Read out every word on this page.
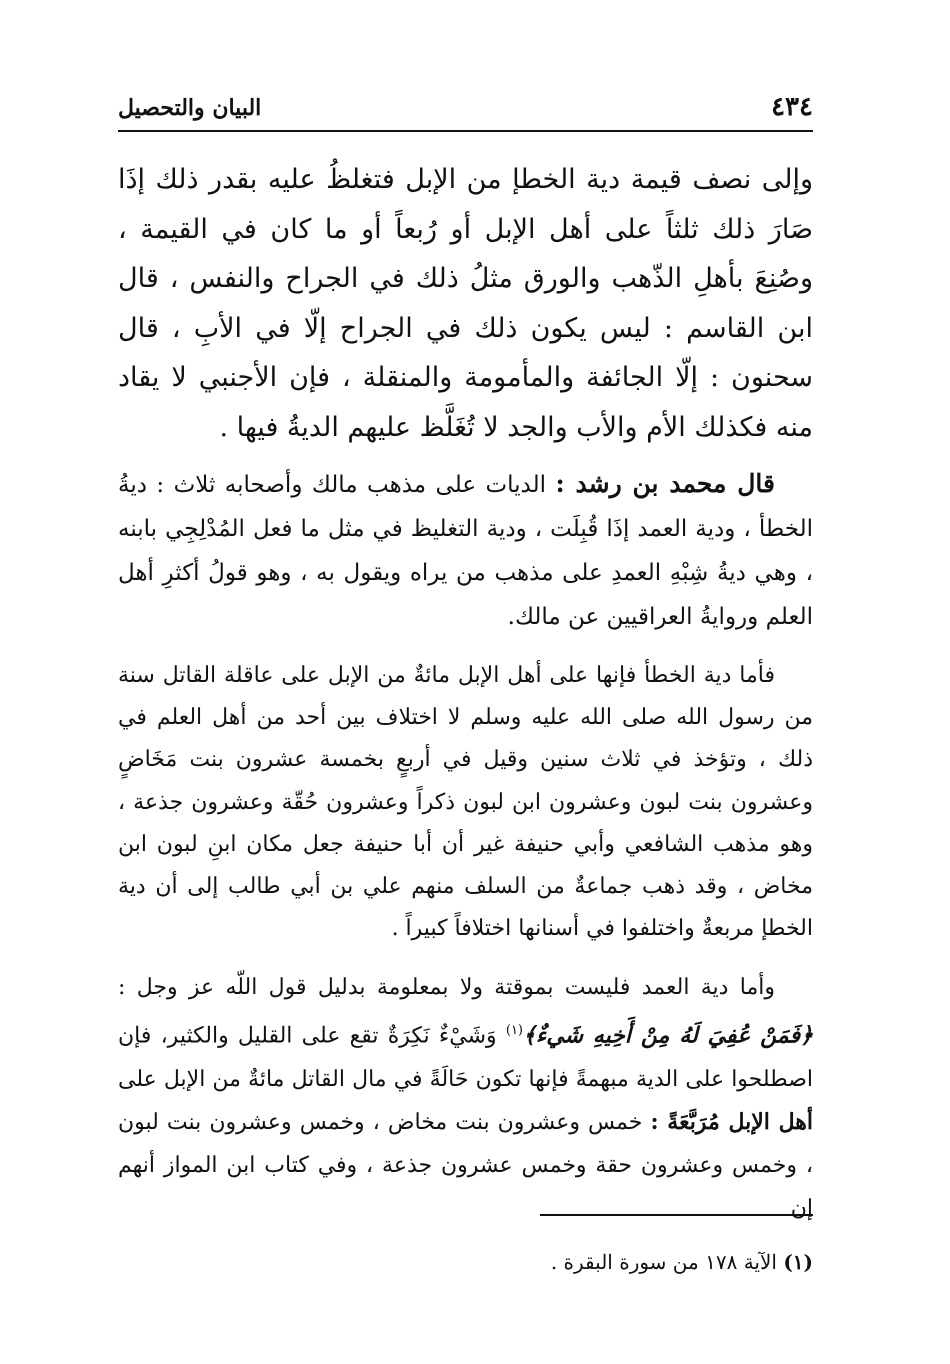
٤٣٤
البيان والتحصيل

وإلى نصف قيمة دية الخطإ من الإبل فتغلظُ عليه بقدر ذلك إذَا صَارَ ذلك ثلثاً على أهل الإبل أو رُبعاً أو ما كان في القيمة ، وصُنِعَ بأهلِ الذّهب والورق مثلُ ذلك في الجراح والنفس ، قال ابن القاسم : ليس يكون ذلك في الجراح إلّا في الأبِ ، قال سحنون : إلّا الجائفة والمأمومة والمنقلة ، فإن الأجنبي لا يقاد منه فكذلك الأم والأب والجد لا تُغَلَّظ عليهم الديةُ فيها .

قال محمد بن رشد : الديات على مذهب مالك وأصحابه ثلاث : ديةُ الخطأ ، ودية العمد إذَا قُبِلَت ، ودية التغليظ في مثل ما فعل المُدْلِجِي بابنه ، وهي ديةُ شِبْهِ العمدِ على مذهب من يراه ويقول به ، وهو قولُ أكثرِ أهل العلم وروايةُ العراقيين عن مالك.

فأما دية الخطأ فإنها على أهل الإبل مائةٌ من الإبل على عاقلة القاتل سنة من رسول الله صلى الله عليه وسلم لا اختلاف بين أحد من أهل العلم في ذلك ، وتؤخذ في ثلاث سنين وقيل في أربعٍ بخمسة عشرون بنت مَخَاضٍ وعشرون بنت لبون وعشرون ابن لبون ذكراً وعشرون حُقّة وعشرون جذعة ، وهو مذهب الشافعي وأبي حنيفة غير أن أبا حنيفة جعل مكان ابنِ لبون ابن مخاض ، وقد ذهب جماعةٌ من السلف منهم علي بن أبي طالب إلى أن دية الخطإ مربعةٌ واختلفوا في أسنانها اختلافاً كبيراً .

وأما دية العمد فليست بموقتة ولا بمعلومة بدليل قول اللّه عز وجل : ﴿فَمَنْ عُفِيَ لَهُ مِنْ أَخِيهِ شَيءٌ﴾$^{(١)}$ وَشَيْءٌ نَكِرَةٌ تقع على القليل والكثير، فإن اصطلحوا على الدية مبهمةً فإنها تكون حَالَةً في مال القاتل مائةٌ من الإبل على أهل الإبل مُرَبَّعَةً : خمس وعشرون بنت مخاض ، وخمس وعشرون بنت لبون ، وخمس وعشرون حقة وخمس عشرون جذعة ، وفي كتاب ابن المواز أنهم إن

(١) الآية ١٧٨ من سورة البقرة .
